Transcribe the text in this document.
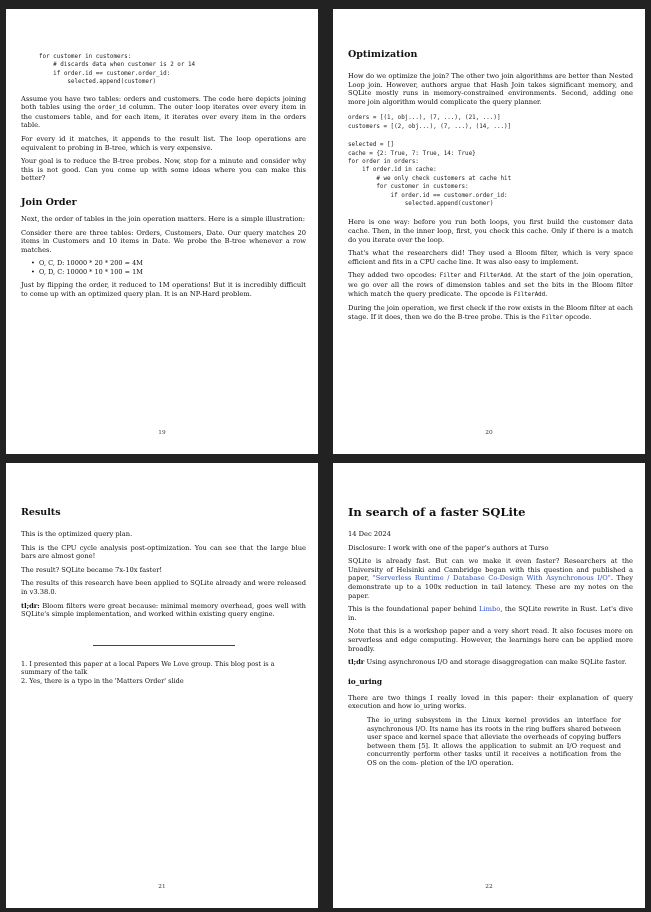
for customer in customers:
# discards data when customer is 2 or 14
if order.id == customer.order_id:
selected.append(customer)

Assume you have two tables: orders and customers. The code here depicts joining both tables using the order_id column. The outer loop iterates over every item in the customers table, and for each item, it iterates over every item in the orders table.

For every id it matches, it appends to the result list. The loop operations are equivalent to probing in B-tree, which is very expensive.

Your goal is to reduce the B-tree probes. Now, stop for a minute and consider why this is not good. Can you come up with some ideas where you can make this better?

Join Order

Next, the order of tables in the join operation matters. Here is a simple illustration:

Consider there are three tables: Orders, Customers, Date. Our query matches 20 items in Customers and 10 items in Date. We probe the B-tree whenever a row matches.

• O, C, D: 10000 * 20 * 200 = 4M
• O, D, C: 10000 * 10 * 100 = 1M

Just by flipping the order, it reduced to 1M operations! But it is incredibly difficult to come up with an optimized query plan. It is an NP-Hard problem.

19
Optimization

How do we optimize the join? The other two join algorithms are better than Nested Loop join. However, authors argue that Hash Join takes significant memory, and SQLite mostly runs in memory-constrained environments. Second, adding one more join algorithm would complicate the query planner.

orders = [(1, obj...), (7, ...), (21, ...)]
customers = [(2, obj...), (7, ...), (14, ...)]
selected = []
cache = {2: True, 7: True, 14: True}
for order in orders:
if order.id in cache:
# we only check customers at cache hit
for customer in customers:
if order.id == customer.order_id:
selected.append(customer)

Here is one way: before you run both loops, you first build the customer data cache. Then, in the inner loop, first, you check this cache. Only if there is a match do you iterate over the loop.

That's what the researchers did! They used a Bloom filter, which is very space efficient and fits in a CPU cache line. It was also easy to implement.

They added two opcodes: Filter and FilterAdd. At the start of the join operation, we go over all the rows of dimension tables and set the bits in the Bloom filter which match the query predicate. The opcode is FilterAdd.

During the join operation, we first check if the row exists in the Bloom filter at each stage. If it does, then we do the B-tree probe. This is the Filter opcode.

20
Results

This is the optimized query plan.

This is the CPU cycle analysis post-optimization. You can see that the large blue bars are almost gone!

The result? SQLite became 7x-10x faster!

The results of this research have been applied to SQLite already and were released in v3.38.0.

tl;dr: Bloom filters were great because: minimal memory overhead, goes well with SQLite's simple implementation, and worked within existing query engine.

1. I presented this paper at a local Papers We Love group. This blog post is a summary of the talk

2. Yes, there is a typo in the 'Matters Order' slide

21
In search of a faster SQLite

14 Dec 2024

Disclosure: I work with one of the paper's authors at Turso

SQLite is already fast. But can we make it even faster? Researchers at the University of Helsinki and Cambridge began with this question and published a paper, "Serverless Runtime / Database Co-Design With Asynchronous I/O". They demonstrate up to a 100x reduction in tail latency. These are my notes on the paper.

This is the foundational paper behind Limbo, the SQLite rewrite in Rust. Let's dive in.

Note that this is a workshop paper and a very short read. It also focuses more on serverless and edge computing. However, the learnings here can be applied more broadly.

tl;dr Using asynchronous I/O and storage disaggregation can make SQLite faster.

io_uring

There are two things I really loved in this paper: their explanation of query execution and how io_uring works.

The io_uring subsystem in the Linux kernel provides an interface for asynchronous I/O. Its name has its roots in the ring buffers shared between user space and kernel space that alleviate the overheads of copying buffers between them [5]. It allows the application to submit an I/O request and concurrently perform other tasks until it receives a notification from the OS on the com- pletion of the I/O operation.
22
